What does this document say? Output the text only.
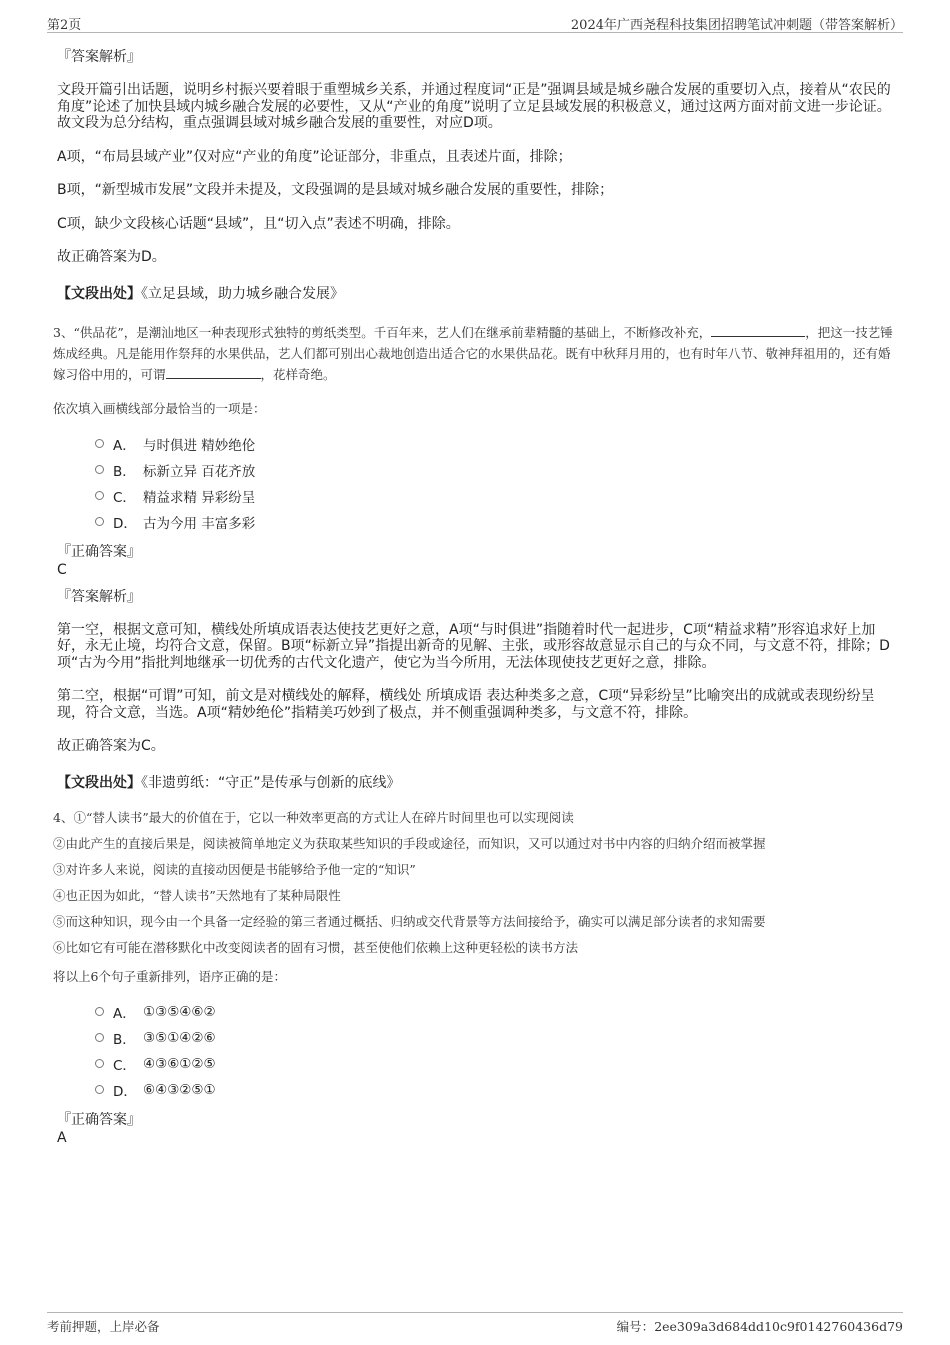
第2页	2024年广西尧程科技集团招聘笔试冲刺题（带答案解析）
『答案解析』
文段开篇引出话题，说明乡村振兴要着眼于重塑城乡关系，并通过程度词“正是”强调县域是城乡融合发展的重要切入点，接着从“农民的角度”论述了加快县域内城乡融合发展的必要性，又从“产业的角度”说明了立足县域发展的积极意义，通过这两方面对前文进一步论证。故文段为总分结构，重点强调县域对城乡融合发展的重要性，对应D项。
A项，“布局县域产业”仅对应“产业的角度”论证部分，非重点，且表述片面，排除；
B项，“新型城市发展”文段并未提及，文段强调的是县域对城乡融合发展的重要性，排除；
C项，缺少文段核心话题“县域”，且“切入点”表述不明确，排除。
故正确答案为D。
【文段出处】《立足县域，助力城乡融合发展》
3、“供品花”，是潮汕地区一种表现形式独特的剪纸类型。千百年来，艺人们在继承前辈精髓的基础上，不断修改补充，	，把这一技艺锤炼成经典。凡是能用作祭拜的水果供品，艺人们都可别出心裁地创造出适合它的水果供品花。既有中秋拜月用的，也有时年八节、敬神拜祖用的，还有婚嫁习俗中用的，可谓	，花样奇绝。
依次填入画横线部分最恰当的一项是：
A． 与时俱进 精妙绝伦
B． 标新立异 百花齐放
C． 精益求精 异彩纷呈
D． 古为今用 丰富多彩
『正确答案』
C
『答案解析』
第一空，根据文意可知，横线处所填成语表达使技艺更好之意，A项“与时俱进”指随着时代一起进步，C项“精益求精”形容追求好上加好，永无止境，均符合文意，保留。B项“标新立异”指提出新奇的见解、主张，或形容故意显示自己的与众不同，与文意不符，排除；D项“古为今用”指批判地继承一切优秀的古代文化遗产，使它为当今所用，无法体现使技艺更好之意，排除。
第二空，根据“可谓”可知，前文是对横线处的解释，横线处 所填成语 表达种类多之意，C项“异彩纷呈”比喻突出的成就或表现纷纷呈现，符合文意，当选。A项“精妙绝伦”指精美巧妙到了极点，并不侧重强调种类多，与文意不符，排除。
故正确答案为C。
【文段出处】《非遗剪纸：“守正”是传承与创新的底线》
4、①“替人读书”最大的价值在于，它以一种效率更高的方式让人在碎片时间里也可以实现阅读
②由此产生的直接后果是，阅读被简单地定义为获取某些知识的手段或途径，而知识，又可以通过对书中内容的归纳介绍而被掌握
③对许多人来说，阅读的直接动因便是书能够给予他一定的“知识”
④也正因为如此，“替人读书”天然地有了某种局限性
⑤而这种知识，现今由一个具备一定经验的第三者通过概括、归纳或交代背景等方法间接给予，确实可以满足部分读者的求知需要
⑥比如它有可能在潜移默化中改变阅读者的固有习惯，甚至使他们依赖上这种更轻松的读书方法
将以上6个句子重新排列，语序正确的是：
A． ①③⑤④⑥②
B． ③⑤①④②⑥
C． ④③⑥①②⑤
D． ⑥④③②⑤①
『正确答案』
A
考前押题，上岸必备	编号：2ee309a3d684dd10c9f0142760436d79
